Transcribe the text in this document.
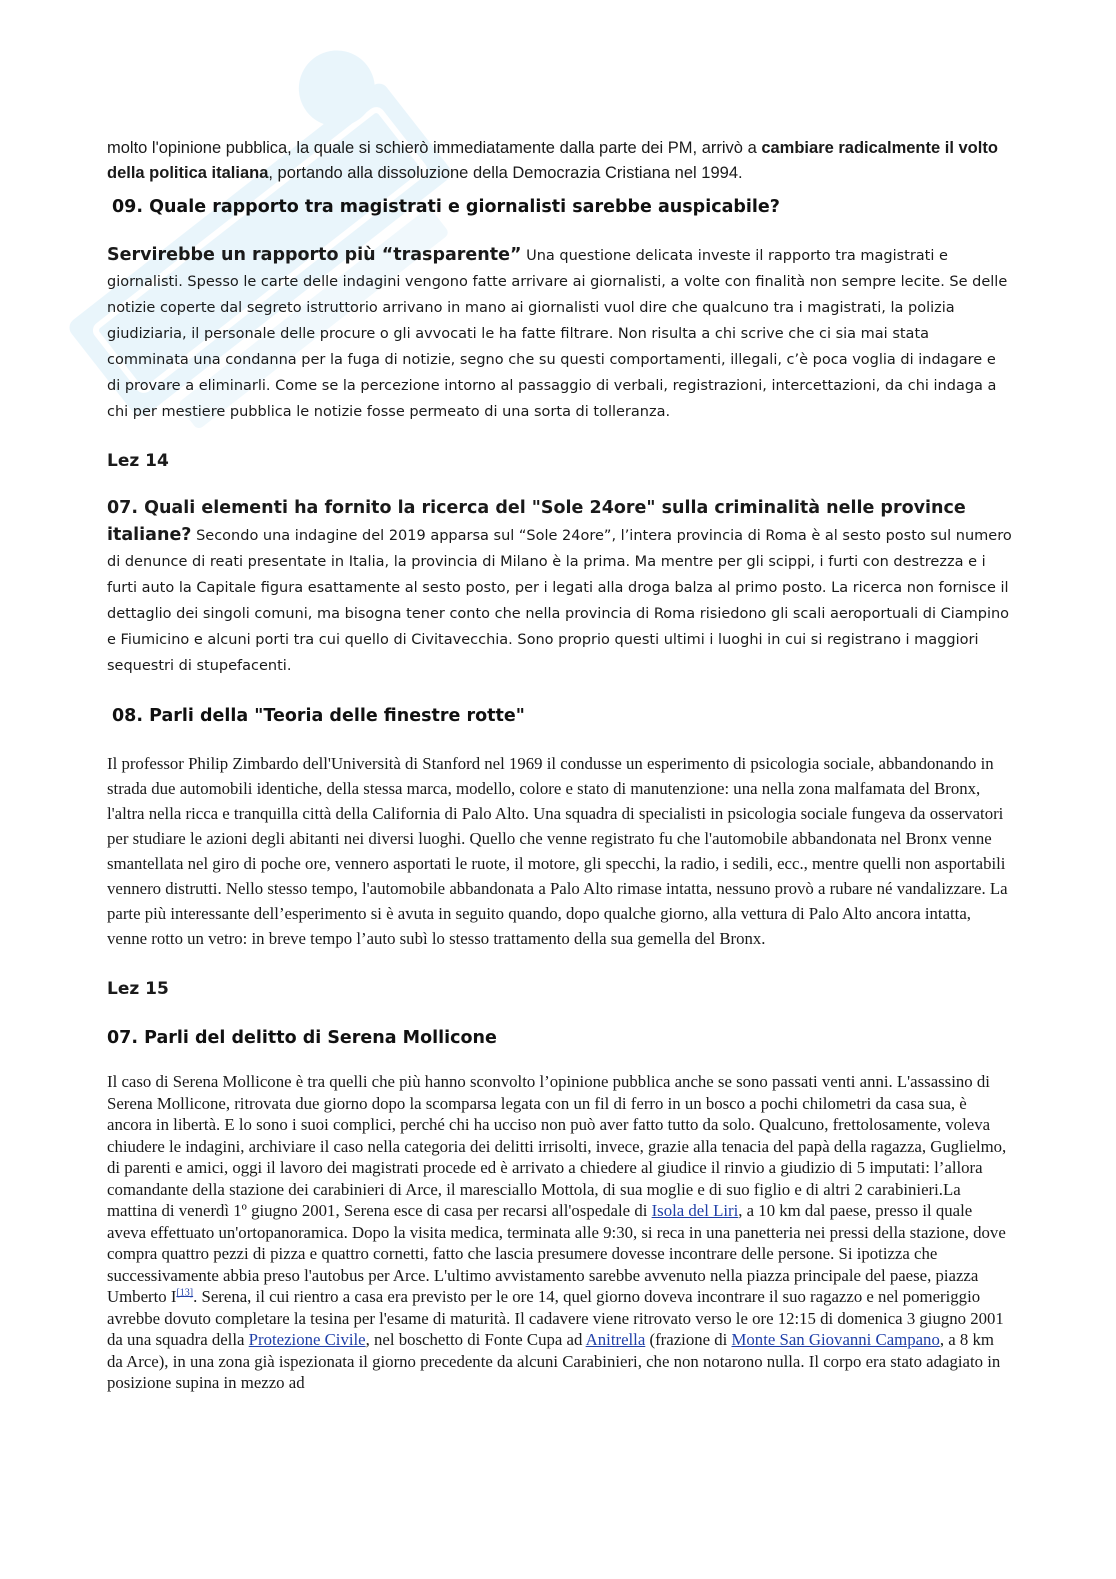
molto l'opinione pubblica, la quale si schierò immediatamente dalla parte dei PM, arrivò a cambiare radicalmente il volto della politica italiana, portando alla dissoluzione della Democrazia Cristiana nel 1994.

09. Quale rapporto tra magistrati e giornalisti sarebbe auspicabile?

Servirebbe un rapporto più “trasparente” Una questione delicata investe il rapporto tra magistrati e giornalisti. Spesso le carte delle indagini vengono fatte arrivare ai giornalisti, a volte con finalità non sempre lecite. Se delle notizie coperte dal segreto istruttorio arrivano in mano ai giornalisti vuol dire che qualcuno tra i magistrati, la polizia giudiziaria, il personale delle procure o gli avvocati le ha fatte filtrare. Non risulta a chi scrive che ci sia mai stata comminata una condanna per la fuga di notizie, segno che su questi comportamenti, illegali, c’è poca voglia di indagare e di provare a eliminarli. Come se la percezione intorno al passaggio di verbali, registrazioni, intercettazioni, da chi indaga a chi per mestiere pubblica le notizie fosse permeato di una sorta di tolleranza.

Lez 14

07. Quali elementi ha fornito la ricerca del "Sole 24ore" sulla criminalità nelle province italiane? Secondo una indagine del 2019 apparsa sul “Sole 24ore”, l’intera provincia di Roma è al sesto posto sul numero di denunce di reati presentate in Italia, la provincia di Milano è la prima. Ma mentre per gli scippi, i furti con destrezza e i furti auto la Capitale figura esattamente al sesto posto, per i legati alla droga balza al primo posto. La ricerca non fornisce il dettaglio dei singoli comuni, ma bisogna tener conto che nella provincia di Roma risiedono gli scali aeroportuali di Ciampino e Fiumicino e alcuni porti tra cui quello di Civitavecchia. Sono proprio questi ultimi i luoghi in cui si registrano i maggiori sequestri di stupefacenti.

08. Parli della "Teoria delle finestre rotte"

Il professor Philip Zimbardo dell'Università di Stanford nel 1969 il condusse un esperimento di psicologia sociale, abbandonando in strada due automobili identiche, della stessa marca, modello, colore e stato di manutenzione: una nella zona malfamata del Bronx, l'altra nella ricca e tranquilla città della California di Palo Alto. Una squadra di specialisti in psicologia sociale fungeva da osservatori per studiare le azioni degli abitanti nei diversi luoghi. Quello che venne registrato fu che l'automobile abbandonata nel Bronx venne smantellata nel giro di poche ore, vennero asportati le ruote, il motore, gli specchi, la radio, i sedili, ecc., mentre quelli non asportabili vennero distrutti. Nello stesso tempo, l'automobile abbandonata a Palo Alto rimase intatta, nessuno provò a rubare né vandalizzare. La parte più interessante dell’esperimento si è avuta in seguito quando, dopo qualche giorno, alla vettura di Palo Alto ancora intatta, venne rotto un vetro: in breve tempo l’auto subì lo stesso trattamento della sua gemella del Bronx.

Lez 15

07. Parli del delitto di Serena Mollicone

Il caso di Serena Mollicone è tra quelli che più hanno sconvolto l’opinione pubblica anche se sono passati venti anni. L'assassino di Serena Mollicone, ritrovata due giorno dopo la scomparsa legata con un fil di ferro in un bosco a pochi chilometri da casa sua, è ancora in libertà. E lo sono i suoi complici, perché chi ha ucciso non può aver fatto tutto da solo. Qualcuno, frettolosamente, voleva chiudere le indagini, archiviare il caso nella categoria dei delitti irrisolti, invece, grazie alla tenacia del papà della ragazza, Guglielmo, di parenti e amici, oggi il lavoro dei magistrati procede ed è arrivato a chiedere al giudice il rinvio a giudizio di 5 imputati: l’allora comandante della stazione dei carabinieri di Arce, il maresciallo Mottola, di sua moglie e di suo figlio e di altri 2 carabinieri.La mattina di venerdì 1º giugno 2001, Serena esce di casa per recarsi all'ospedale di Isola del Liri, a 10 km dal paese, presso il quale aveva effettuato un'ortopanoramica. Dopo la visita medica, terminata alle 9:30, si reca in una panetteria nei pressi della stazione, dove compra quattro pezzi di pizza e quattro cornetti, fatto che lascia presumere dovesse incontrare delle persone. Si ipotizza che successivamente abbia preso l'autobus per Arce. L'ultimo avvistamento sarebbe avvenuto nella piazza principale del paese, piazza Umberto I[13]. Serena, il cui rientro a casa era previsto per le ore 14, quel giorno doveva incontrare il suo ragazzo e nel pomeriggio avrebbe dovuto completare la tesina per l'esame di maturità. Il cadavere viene ritrovato verso le ore 12:15 di domenica 3 giugno 2001 da una squadra della Protezione Civile, nel boschetto di Fonte Cupa ad Anitrella (frazione di Monte San Giovanni Campano, a 8 km da Arce), in una zona già ispezionata il giorno precedente da alcuni Carabinieri, che non notarono nulla. Il corpo era stato adagiato in posizione supina in mezzo ad
